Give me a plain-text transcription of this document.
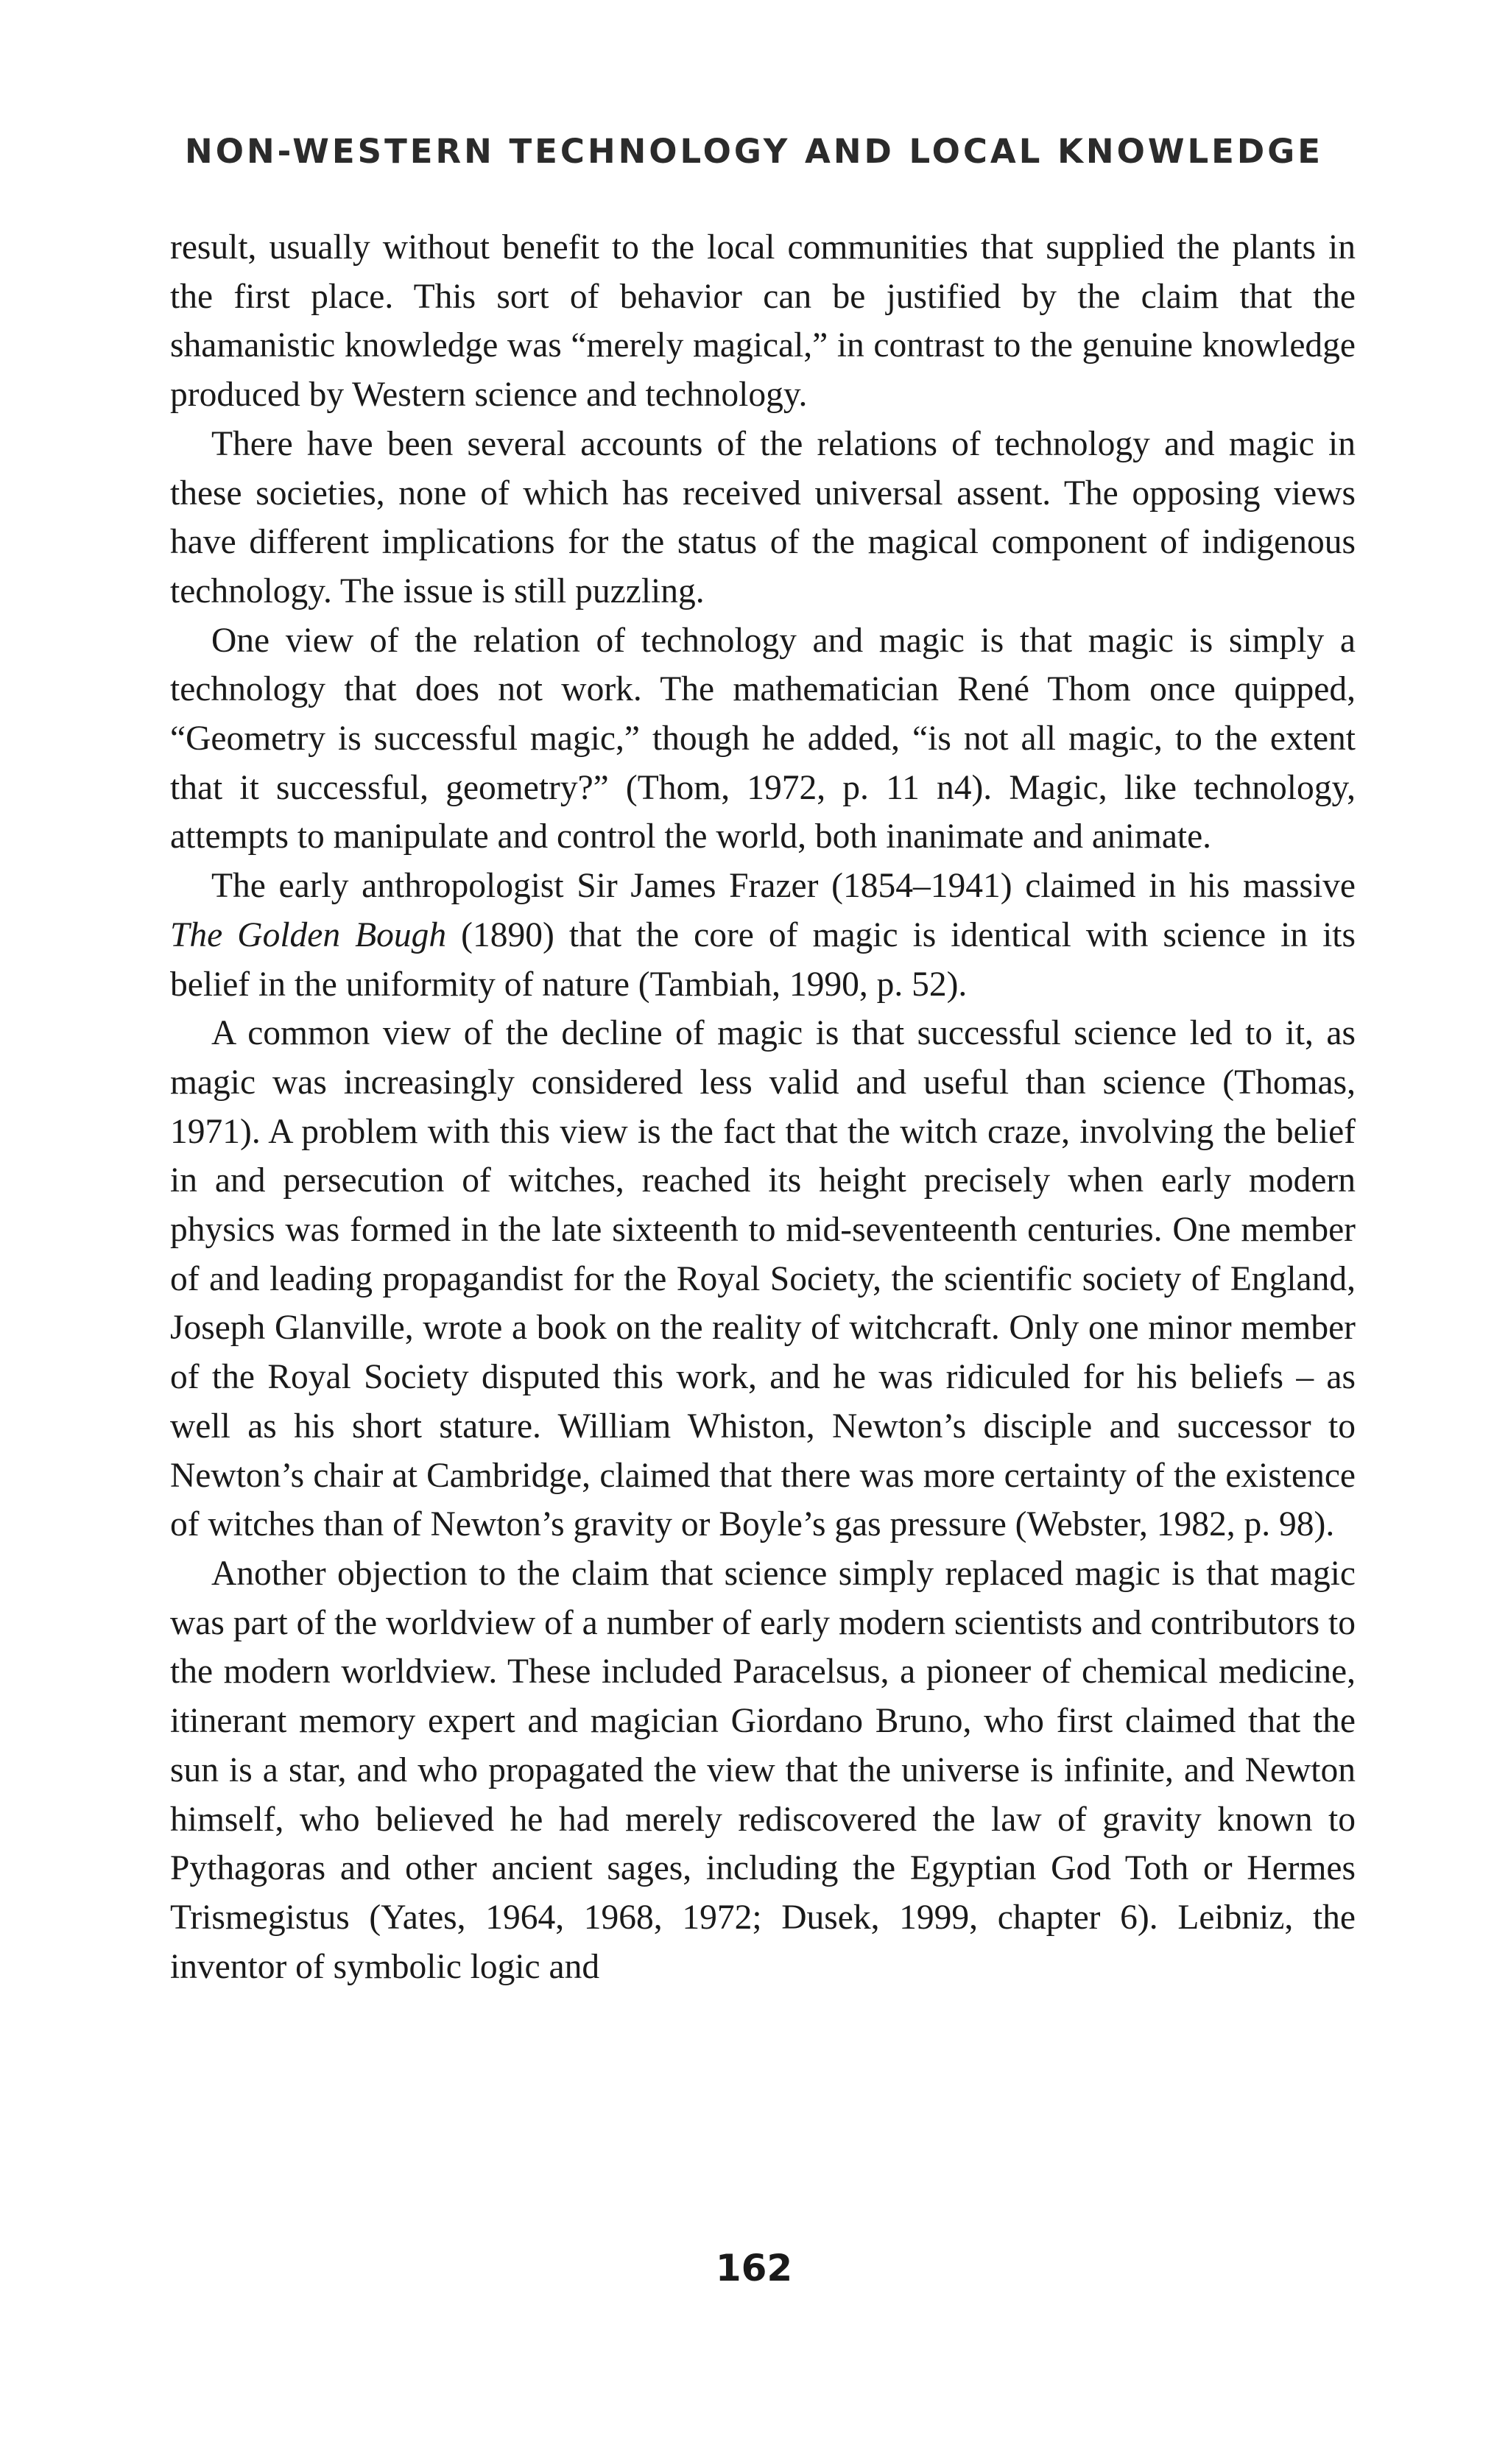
NON-WESTERN TECHNOLOGY AND LOCAL KNOWLEDGE

result, usually without benefit to the local communities that supplied the plants in the first place. This sort of behavior can be justified by the claim that the shamanistic knowledge was “merely magical,” in contrast to the genuine knowledge produced by Western science and technology.

There have been several accounts of the relations of technology and magic in these societies, none of which has received universal assent. The opposing views have different implications for the status of the magical component of indigenous technology. The issue is still puzzling.

One view of the relation of technology and magic is that magic is simply a technology that does not work. The mathematician René Thom once quipped, “Geometry is successful magic,” though he added, “is not all magic, to the extent that it successful, geometry?” (Thom, 1972, p. 11 n4). Magic, like technology, attempts to manipulate and control the world, both inanimate and animate.

The early anthropologist Sir James Frazer (1854–1941) claimed in his massive The Golden Bough (1890) that the core of magic is identical with science in its belief in the uniformity of nature (Tambiah, 1990, p. 52).

A common view of the decline of magic is that successful science led to it, as magic was increasingly considered less valid and useful than science (Thomas, 1971). A problem with this view is the fact that the witch craze, involving the belief in and persecution of witches, reached its height precisely when early modern physics was formed in the late sixteenth to mid-seventeenth centuries. One member of and leading propagandist for the Royal Society, the scientific society of England, Joseph Glanville, wrote a book on the reality of witchcraft. Only one minor member of the Royal Society disputed this work, and he was ridiculed for his beliefs – as well as his short stature. William Whiston, Newton’s disciple and successor to Newton’s chair at Cambridge, claimed that there was more certainty of the existence of witches than of Newton’s gravity or Boyle’s gas pressure (Webster, 1982, p. 98).

Another objection to the claim that science simply replaced magic is that magic was part of the worldview of a number of early modern scientists and contributors to the modern worldview. These included Paracelsus, a pioneer of chemical medicine, itinerant memory expert and magician Giordano Bruno, who first claimed that the sun is a star, and who propagated the view that the universe is infinite, and Newton himself, who believed he had merely rediscovered the law of gravity known to Pythagoras and other ancient sages, including the Egyptian God Toth or Hermes Trismegistus (Yates, 1964, 1968, 1972; Dusek, 1999, chapter 6). Leibniz, the inventor of symbolic logic and

162
